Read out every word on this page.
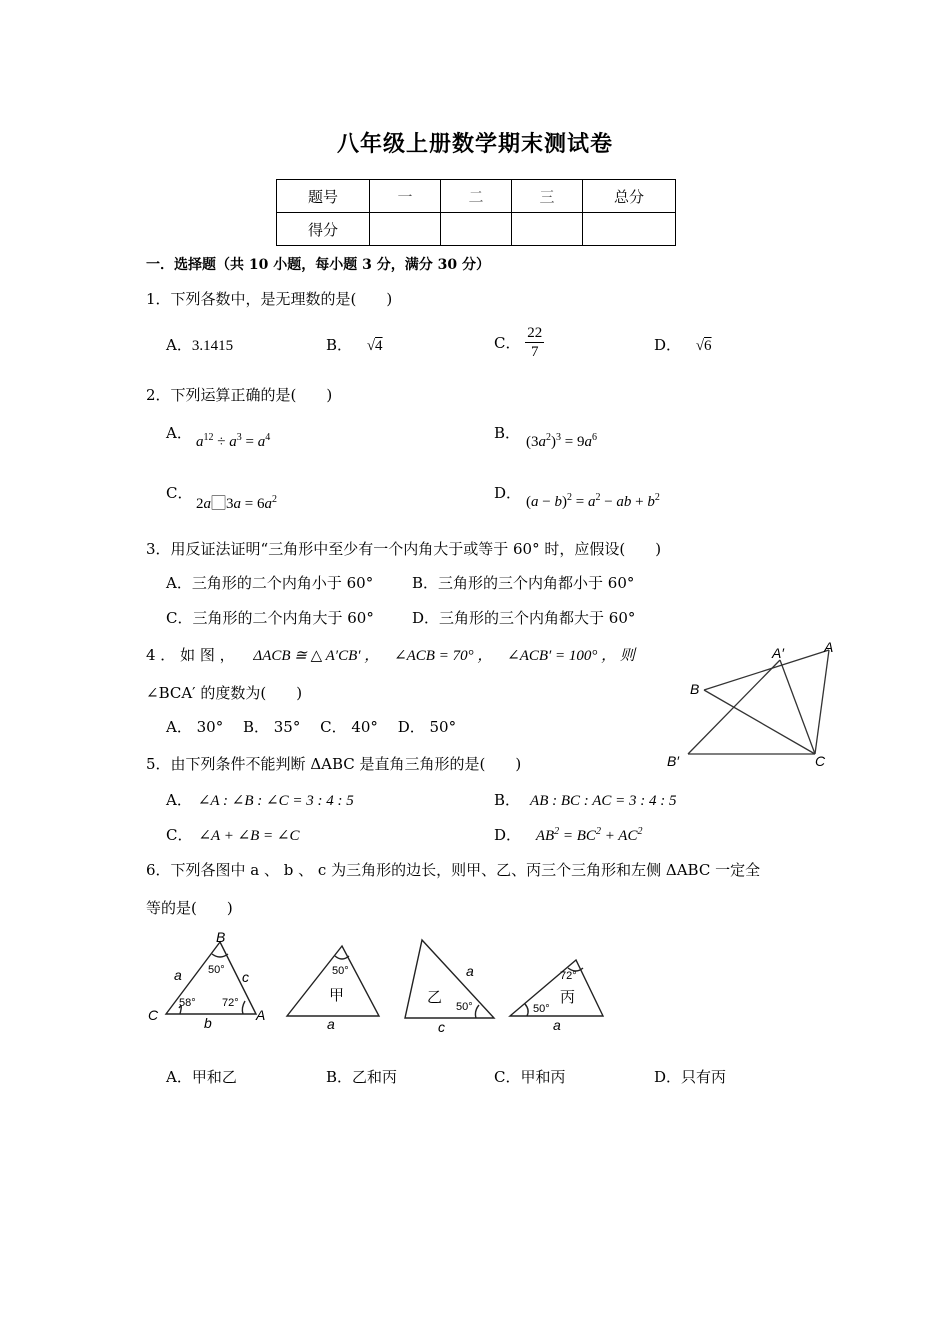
八年级上册数学期末测试卷
题号	一	二	三	总分
得分				
一．选择题（共 10 小题，每小题 3 分，满分 30 分）
1．下列各数中，是无理数的是(　　)
A．3.1415	B． √4	C． $\frac{22}{7}$	D． √6
2．下列运算正确的是(　　)
A． $a^{12} \div a^3 = a^4$	B． $(3a^2)^3 = 9a^6$
C．
2a⃞3a = $6a^2$	D． $(a - b)^2 = a^2$ − ab + $b^2$
3．用反证法证明“三角形中至少有一个内角大于或等于 60° 时，应假设(　　)
A．三角形的二个内角小于 60°	B．三角形的三个内角都小于 60°
C．三角形的二个内角大于 60°	D．三角形的三个内角都大于 60°
4 ． 如 图 ， ΔACB ≅ △ A′CB′ ， ∠ACB = 70° ， ∠ACB′ = 100° ， 则
∠BCA′ 的度数为(　　)
A． 30°　 B． 35°　 C． 40°　 D． 50°
A
A′
B
B′	C
5．由下列条件不能判断 ΔABC 是直角三角形的是(　　)
A． ∠A : ∠B : ∠C = 3 : 4 : 5	B． AB : BC : AC = 3 : 4 : 5
C． ∠A + ∠B = ∠C	D． $AB^2 = BC^2 + AC^2$
6．下列各图中 a 、 b 、 c 为三角形的边长，则甲、乙、丙三个三角形和左侧 ΔABC 一定全
等的是(　　)
B
C	A
a	c
b	a
a
c	a
50°
58° 72°
50°
50°	50°
72°
甲	乙	丙
A．甲和乙	B．乙和丙	C．甲和丙	D．只有丙
